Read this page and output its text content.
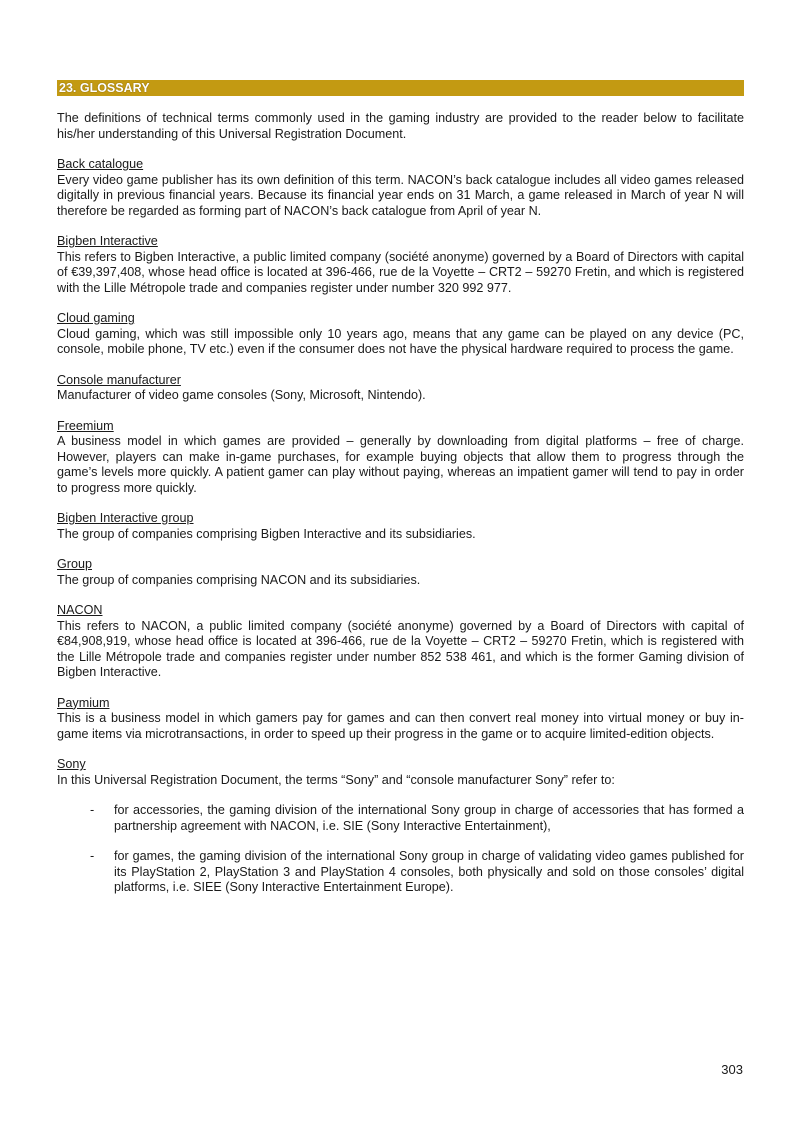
23. GLOSSARY

The definitions of technical terms commonly used in the gaming industry are provided to the reader below to facilitate his/her understanding of this Universal Registration Document.

Back catalogue

Every video game publisher has its own definition of this term. NACON’s back catalogue includes all video games released digitally in previous financial years. Because its financial year ends on 31 March, a game released in March of year N will therefore be regarded as forming part of NACON’s back catalogue from April of year N.

Bigben Interactive

This refers to Bigben Interactive, a public limited company (société anonyme) governed by a Board of Directors with capital of €39,397,408, whose head office is located at 396-466, rue de la Voyette – CRT2 – 59270 Fretin, and which is registered with the Lille Métropole trade and companies register under number 320 992 977.

Cloud gaming

Cloud gaming, which was still impossible only 10 years ago, means that any game can be played on any device (PC, console, mobile phone, TV etc.) even if the consumer does not have the physical hardware required to process the game.

Console manufacturer

Manufacturer of video game consoles (Sony, Microsoft, Nintendo).

Freemium

A business model in which games are provided – generally by downloading from digital platforms – free of charge. However, players can make in-game purchases, for example buying objects that allow them to progress through the game’s levels more quickly. A patient gamer can play without paying, whereas an impatient gamer will tend to pay in order to progress more quickly.

Bigben Interactive group

The group of companies comprising Bigben Interactive and its subsidiaries.

Group

The group of companies comprising NACON and its subsidiaries.

NACON

This refers to NACON, a public limited company (société anonyme) governed by a Board of Directors with capital of €84,908,919, whose head office is located at 396-466, rue de la Voyette – CRT2 – 59270 Fretin, which is registered with the Lille Métropole trade and companies register under number 852 538 461, and which is the former Gaming division of Bigben Interactive.

Paymium

This is a business model in which gamers pay for games and can then convert real money into virtual money or buy in-game items via microtransactions, in order to speed up their progress in the game or to acquire limited-edition objects.

Sony

In this Universal Registration Document, the terms “Sony” and “console manufacturer Sony” refer to:

- for accessories, the gaming division of the international Sony group in charge of accessories that has formed a partnership agreement with NACON, i.e. SIE (Sony Interactive Entertainment),
- for games, the gaming division of the international Sony group in charge of validating video games published for its PlayStation 2, PlayStation 3 and PlayStation 4 consoles, both physically and sold on those consoles’ digital platforms, i.e. SIEE (Sony Interactive Entertainment Europe).
303
